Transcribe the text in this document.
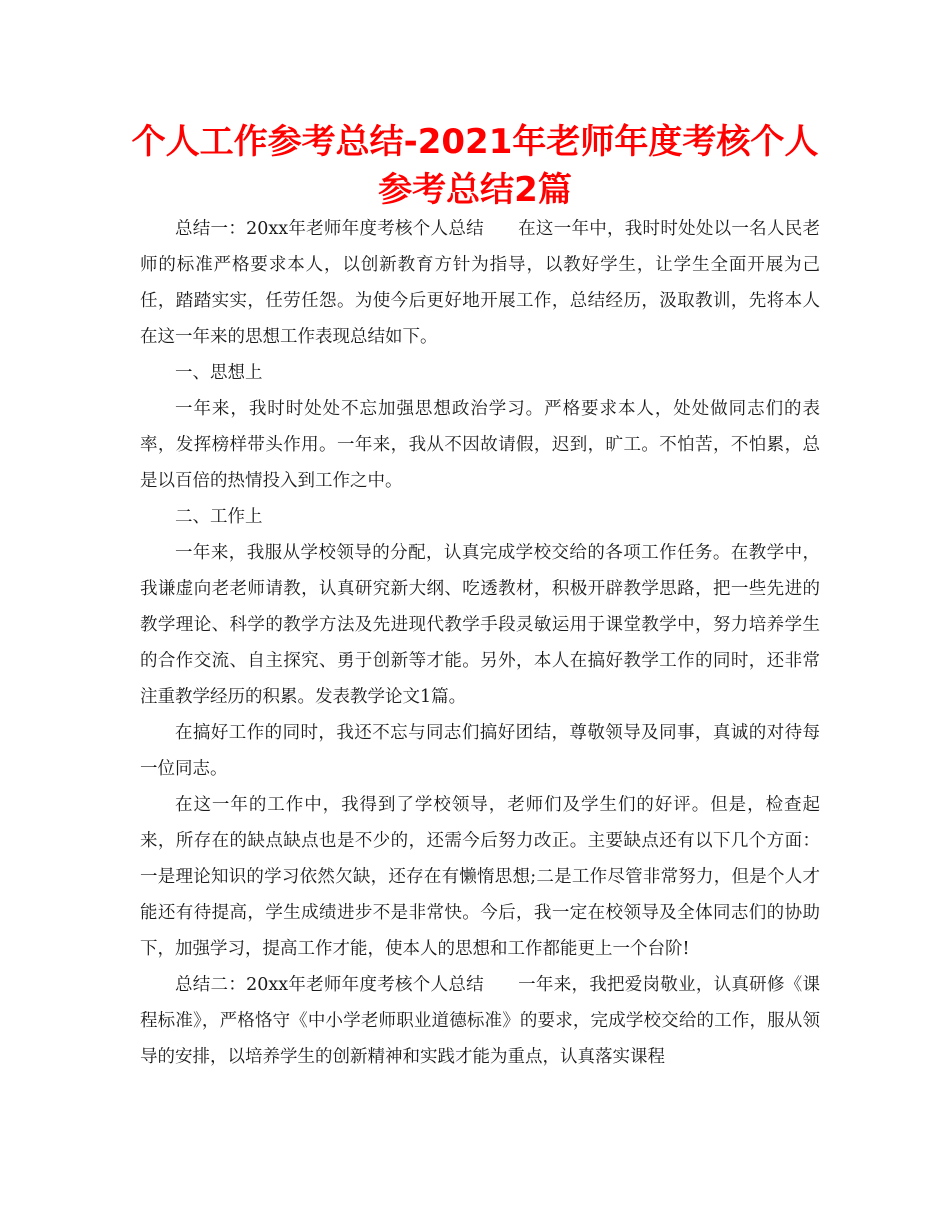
个人工作参考总结-2021年老师年度考核个人参考总结2篇

总结一：20xx年老师年度考核个人总结 在这一年中，我时时处处以一名人民老师的标准严格要求本人，以创新教育方针为指导，以教好学生，让学生全面开展为己任，踏踏实实，任劳任怨。为使今后更好地开展工作，总结经历，汲取教训，先将本人在这一年来的思想工作表现总结如下。

一、思想上

一年来，我时时处处不忘加强思想政治学习。严格要求本人，处处做同志们的表率，发挥榜样带头作用。一年来，我从不因故请假，迟到，旷工。不怕苦，不怕累，总是以百倍的热情投入到工作之中。

二、工作上

一年来，我服从学校领导的分配，认真完成学校交给的各项工作任务。在教学中，我谦虚向老老师请教，认真研究新大纲、吃透教材，积极开辟教学思路，把一些先进的教学理论、科学的教学方法及先进现代教学手段灵敏运用于课堂教学中，努力培养学生的合作交流、自主探究、勇于创新等才能。另外，本人在搞好教学工作的同时，还非常注重教学经历的积累。发表教学论文1篇。

在搞好工作的同时，我还不忘与同志们搞好团结，尊敬领导及同事，真诚的对待每一位同志。

在这一年的工作中，我得到了学校领导，老师们及学生们的好评。但是，检查起来，所存在的缺点缺点也是不少的，还需今后努力改正。主要缺点还有以下几个方面：一是理论知识的学习依然欠缺，还存在有懒惰思想;二是工作尽管非常努力，但是个人才能还有待提高，学生成绩进步不是非常快。今后，我一定在校领导及全体同志们的协助下，加强学习，提高工作才能，使本人的思想和工作都能更上一个台阶!

总结二：20xx年老师年度考核个人总结 一年来，我把爱岗敬业，认真研修《课程标准》，严格恪守《中小学老师职业道德标准》的要求，完成学校交给的工作，服从领导的安排，以培养学生的创新精神和实践才能为重点，认真落实课程
